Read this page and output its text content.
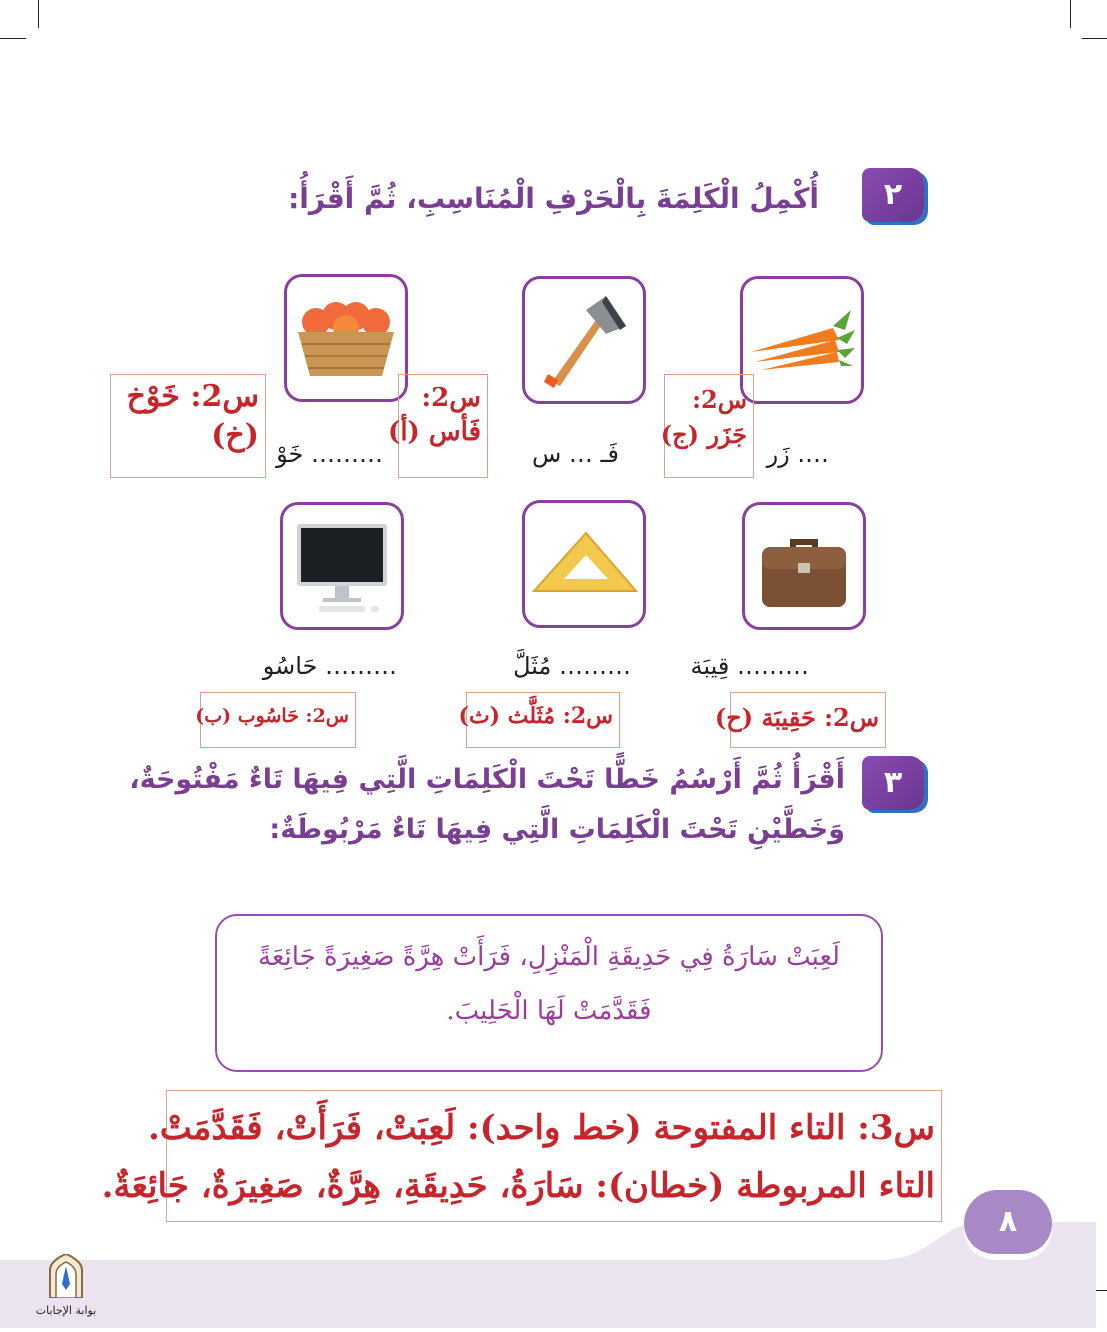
٢
أُكْمِلُ الْكَلِمَةَ بِالْحَرْفِ الْمُنَاسِبِ، ثُمَّ أَقْرَأُ:
…. زَر
فَـ … س
……… خَوْ
س2:
جَزَر (ج)
س2:
فَأس (أ)
س2: خَوْخ
(خ)
……… قِيبَة
……… مُثَلَّ
……… حَاسُو
س2: حَقِيبَة (ح)
س2: مُثَلَّث (ث)
س2: حَاسُوب (ب)
٣
أَقْرَأُ ثُمَّ أَرْسُمُ خَطًّا تَحْتَ الْكَلِمَاتِ الَّتِي فِيهَا تَاءٌ مَفْتُوحَةٌ،
وَخَطَّيْنِ تَحْتَ الْكَلِمَاتِ الَّتِي فِيهَا تَاءٌ مَرْبُوطَةٌ:

لَعِبَتْ سَارَةُ فِي حَدِيقَةِ الْمَنْزِلِ، فَرَأَتْ هِرَّةً صَغِيرَةً جَائِعَةً

فَقَدَّمَتْ لَهَا الْحَلِيبَ.

س3: التاء المفتوحة (خط واحد): لَعِبَتْ، فَرَأَتْ، فَقَدَّمَتْ.
التاء المربوطة (خطان): سَارَةُ، حَدِيقَةِ، هِرَّةٌ، صَغِيرَةٌ، جَائِعَةٌ.
٨
بوابة الإجابات
